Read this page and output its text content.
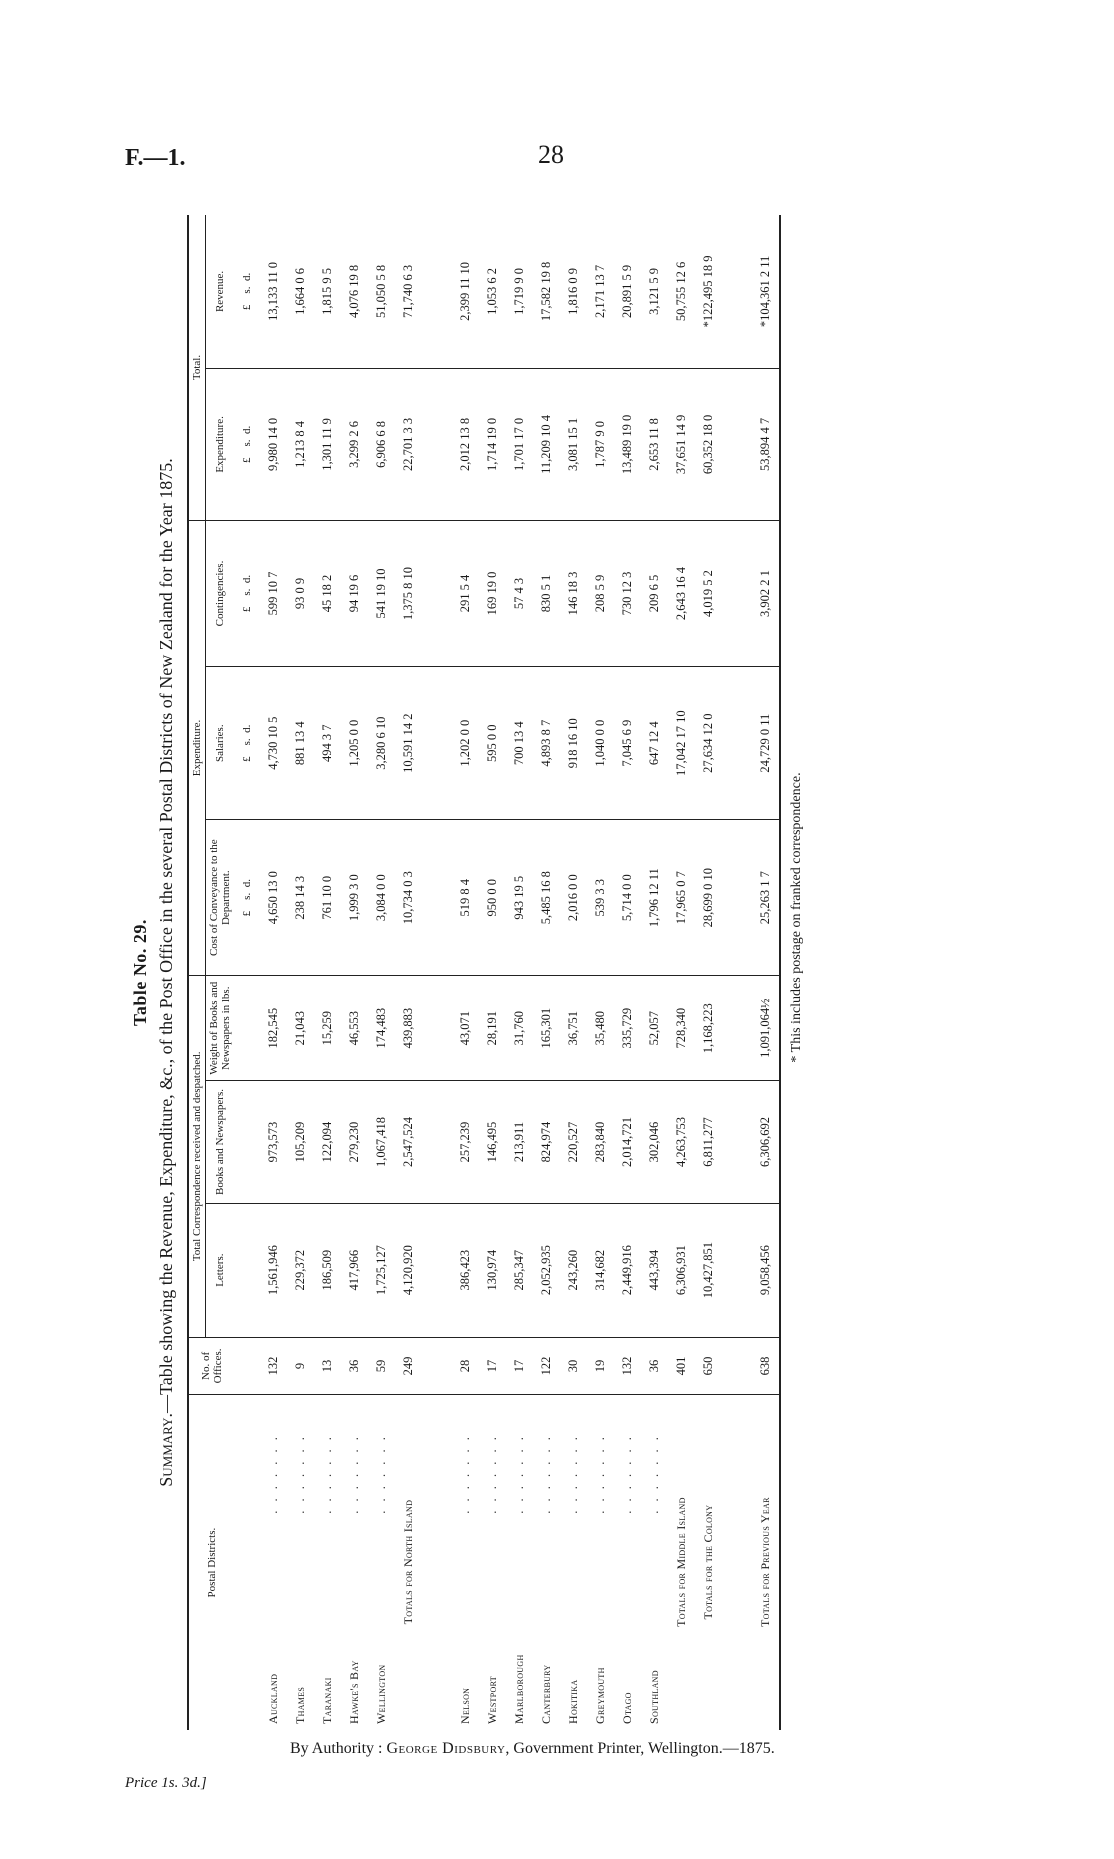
F.—1.	28
Price 1s. 3d.]
By Authority : George Didsbury, Government Printer, Wellington.—1875.
Table No. 29.
Summary.—Table showing the Revenue, Expenditure, &c., of the Post Office in the several Postal Districts of New Zealand for the Year 1875.
Postal Districts.		No. of Offices.	Total Correspondence received and despatched.			Expenditure.			Total.	
			Letters.	Books and Newspapers.	Weight of Books and Newspapers in lbs.	Cost of Conveyance to the Department.	Salaries.	Contingencies.	Expenditure.	Revenue.
						£    s.  d.	£    s.  d.	£    s.  d.	£    s.  d.	£    s.  d.
Auckland	. . . . . . .	132	1,561,946	973,573	182,545	4,650 13 0	4,730 10 5	599 10 7	9,980 14 0	13,133 11 0
Thames	. . . . . . .	9	229,372	105,209	21,043	238 14 3	881 13 4	93 0 9	1,213 8 4	1,664 0 6
Taranaki	. . . . . . .	13	186,509	122,094	15,259	761 10 0	494 3 7	45 18 2	1,301 11 9	1,815 9 5
Hawke's Bay	. . . . . . .	36	417,966	279,230	46,553	1,999 3 0	1,205 0 0	94 19 6	3,299 2 6	4,076 19 8
Wellington	. . . . . . .	59	1,725,127	1,067,418	174,483	3,084 0 0	3,280 6 10	541 19 10	6,906 6 8	51,050 5 8
Totals for North Island		249	4,120,920	2,547,524	439,883	10,734 0 3	10,591 14 2	1,375 8 10	22,701 3 3	71,740 6 3

Nelson	. . . . . . .	28	386,423	257,239	43,071	519 8 4	1,202 0 0	291 5 4	2,012 13 8	2,399 11 10
Westport	. . . . . . .	17	130,974	146,495	28,191	950 0 0	595 0 0	169 19 0	1,714 19 0	1,053 6 2
Marlborough	. . . . . . .	17	285,347	213,911	31,760	943 19 5	700 13 4	57 4 3	1,701 17 0	1,719 9 0
Canterbury	. . . . . . .	122	2,052,935	824,974	165,301	5,485 16 8	4,893 8 7	830 5 1	11,209 10 4	17,582 19 8
Hokitika	. . . . . . .	30	243,260	220,527	36,751	2,016 0 0	918 16 10	146 18 3	3,081 15 1	1,816 0 9
Greymouth	. . . . . . .	19	314,682	283,840	35,480	539 3 3	1,040 0 0	208 5 9	1,787 9 0	2,171 13 7
Otago	. . . . . . .	132	2,449,916	2,014,721	335,729	5,714 0 0	7,045 6 9	730 12 3	13,489 19 0	20,891 5 9
Southland	. . . . . . .	36	443,394	302,046	52,057	1,796 12 11	647 12 4	209 6 5	2,653 11 8	3,121 5 9
Totals for Middle Island		401	6,306,931	4,263,753	728,340	17,965 0 7	17,042 17 10	2,643 16 4	37,651 14 9	50,755 12 6
Totals for the Colony		650	10,427,851	6,811,277	1,168,223	28,699 0 10	27,634 12 0	4,019 5 2	60,352 18 0	*122,495 18 9

Totals for Previous Year		638	9,058,456	6,306,692	1,091,064½	25,263 1 7	24,729 0 11	3,902 2 1	53,894 4 7	*104,361 2 11
* This includes postage on franked correspondence.
